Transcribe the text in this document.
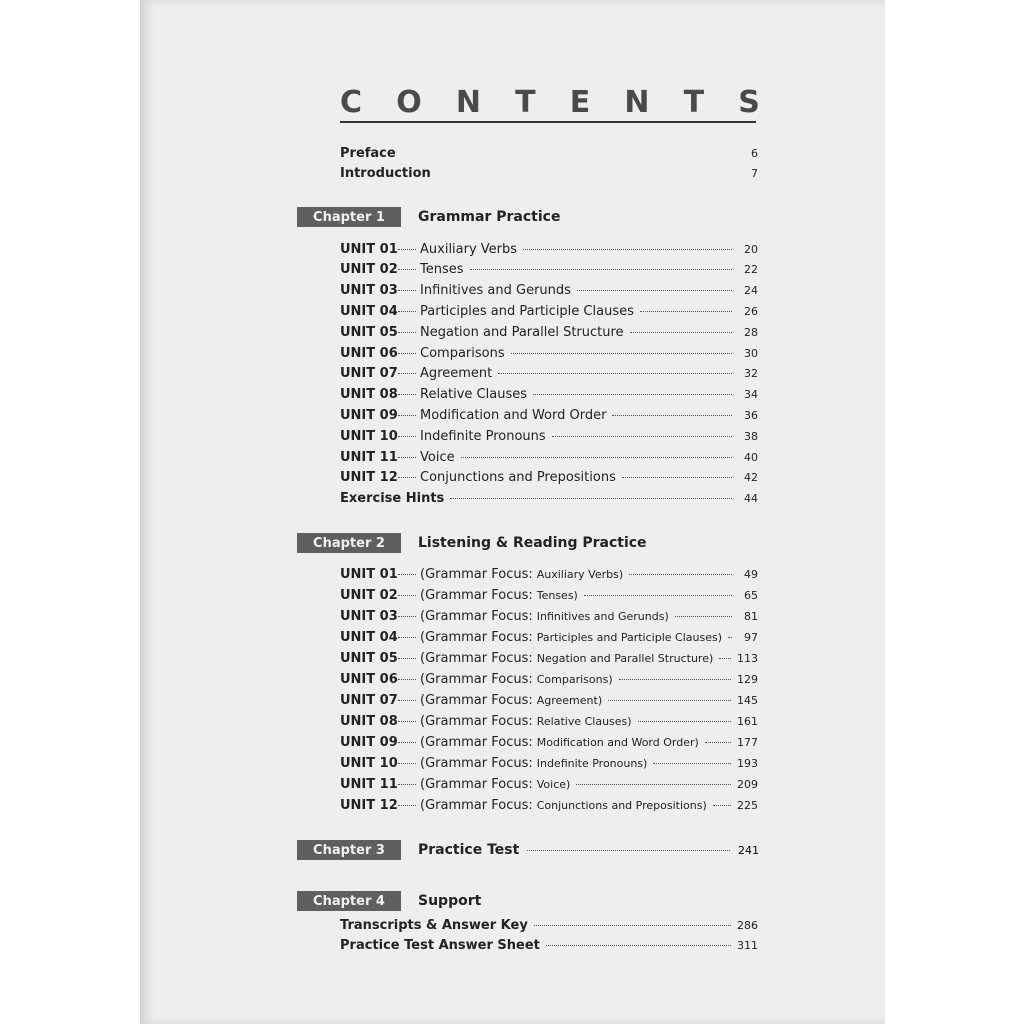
C O N T E N T S
Preface	6
Introduction	7
Chapter 1	Grammar Practice
UNIT 01 Auxiliary Verbs	20
UNIT 02 Tenses	22
UNIT 03 Infinitives and Gerunds	24
UNIT 04 Participles and Participle Clauses	26
UNIT 05 Negation and Parallel Structure	28
UNIT 06 Comparisons	30
UNIT 07 Agreement	32
UNIT 08 Relative Clauses	34
UNIT 09 Modification and Word Order	36
UNIT 10 Indefinite Pronouns	38
UNIT 11 Voice	40
UNIT 12 Conjunctions and Prepositions	42
Exercise Hints	44
Chapter 2	Listening & Reading Practice
UNIT 01 (Grammar Focus: Auxiliary Verbs)	49
UNIT 02 (Grammar Focus: Tenses)	65
UNIT 03 (Grammar Focus: Infinitives and Gerunds)	81
UNIT 04 (Grammar Focus: Participles and Participle Clauses)	97
UNIT 05 (Grammar Focus: Negation and Parallel Structure) 113
UNIT 06 (Grammar Focus: Comparisons)	129
UNIT 07 (Grammar Focus: Agreement)	145
UNIT 08 (Grammar Focus: Relative Clauses)	161
UNIT 09 (Grammar Focus: Modification and Word Order)	177
UNIT 10 (Grammar Focus: Indefinite Pronouns)	193
UNIT 11 (Grammar Focus: Voice)	209
UNIT 12 (Grammar Focus: Conjunctions and Prepositions)	225
Chapter 3	Practice Test	241
Chapter 4	Support
Transcripts & Answer Key	286
Practice Test Answer Sheet	311
